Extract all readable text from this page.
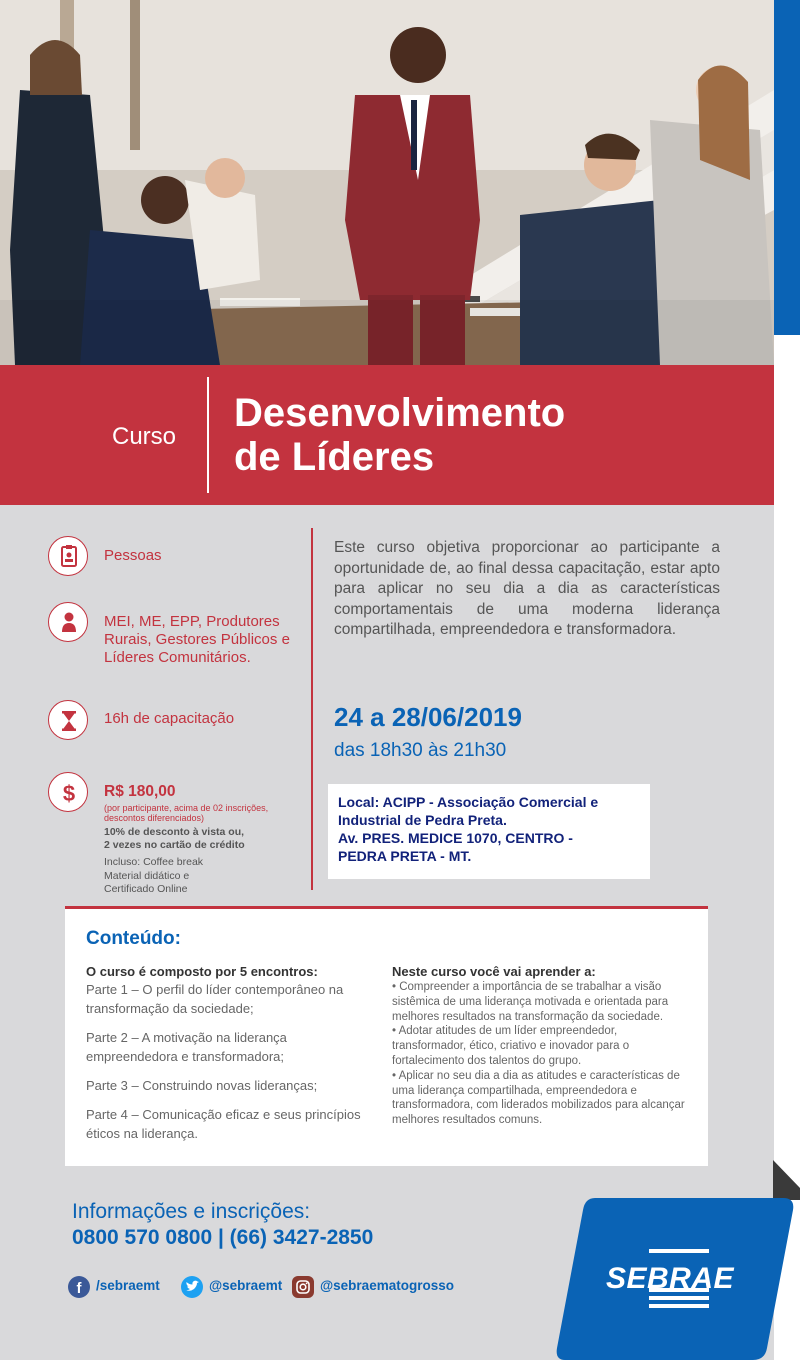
Curso
Desenvolvimento
de Líderes
Pessoas
MEI, ME, EPP, Produtores Rurais, Gestores Públicos e Líderes Comunitários.
16h de capacitação
$ R$ 180,00
(por participante, acima de 02 inscrições, descontos diferenciados)
10% de desconto à vista ou,
2 vezes no cartão de crédito
Incluso: Coffee break
Material didático e
Certificado Online
Este curso objetiva proporcionar ao participante a oportunidade de, ao final dessa capacitação, estar apto para aplicar no seu dia a dia as características comportamentais de uma moderna liderança compartilhada, empreendedora e transformadora.
24 a 28/06/2019
das 18h30 às 21h30
Local: ACIPP - Associação Comercial e
Industrial de Pedra Preta.
Av. PRES. MEDICE 1070, CENTRO -
PEDRA PRETA - MT.
Conteúdo:
O curso é composto por 5 encontros:
Parte 1 – O perfil do líder contemporâneo na transformação da sociedade;
Parte 2 – A motivação na liderança empreendedora e transformadora;
Parte 3 – Construindo novas lideranças;
Parte 4 – Comunicação eficaz e seus princípios éticos na liderança.
Neste curso você vai aprender a:
• Compreender a importância de se trabalhar a visão sistêmica de uma liderança motivada e orientada para melhores resultados na transformação da sociedade.
• Adotar atitudes de um líder empreendedor, transformador, ético, criativo e inovador para o fortalecimento dos talentos do grupo.
• Aplicar no seu dia a dia as atitudes e características de uma liderança compartilhada, empreendedora e transformadora, com liderados mobilizados para alcançar melhores resultados comuns.
Informações e inscrições:
0800 570 0800 | (66) 3427-2850
f /sebraemt	@sebraemt	@sebraematogrosso	SEBRAE
